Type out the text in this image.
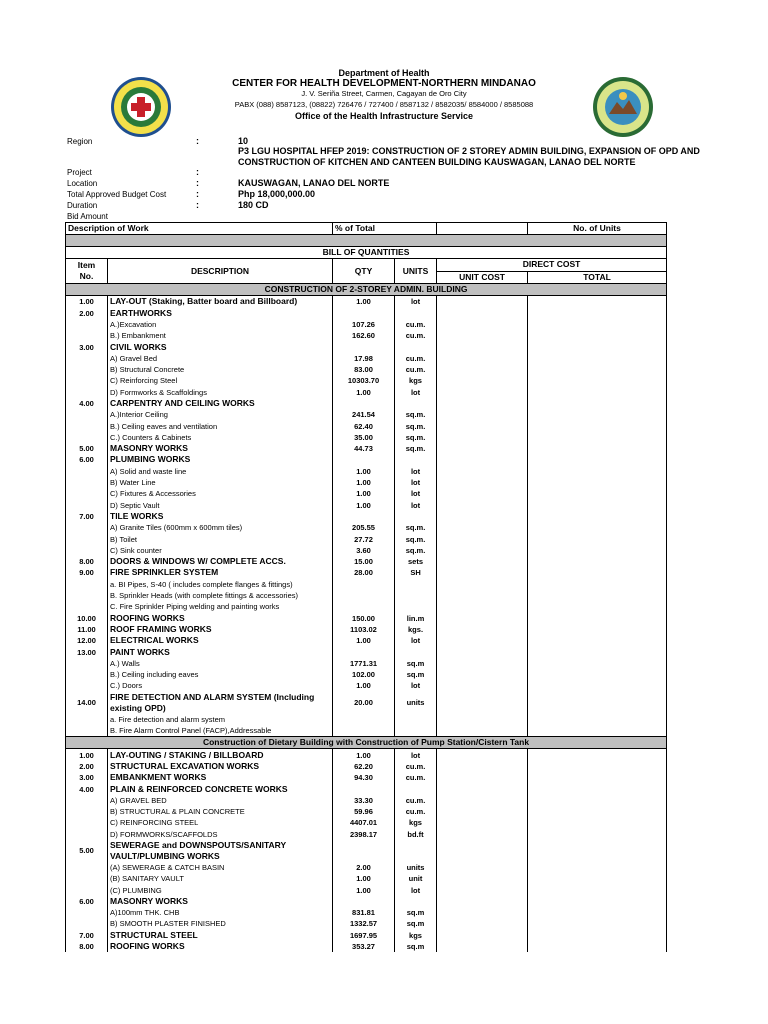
Department of Health
CENTER FOR HEALTH DEVELOPMENT-NORTHERN MINDANAO
J. V. Seriña Street, Carmen, Cagayan de Oro City
PABX (088) 8587123, (08822) 726476 / 727400 / 8587132 / 8582035/ 8584000 / 8585088
Office of the Health Infrastructure Service
Region	:	10
P3 LGU HOSPITAL HFEP 2019: CONSTRUCTION OF 2 STOREY ADMIN BUILDING, EXPANSION OF OPD AND
CONSTRUCTION OF KITCHEN AND CANTEEN BUILDING KAUSWAGAN, LANAO DEL NORTE
Project	:
Location	:	KAUSWAGAN, LANAO DEL NORTE
Total Approved Budget Cost	:	Php 18,000,000.00
Duration	:	180 CD
Bid Amount
Description of Work		% of Total			No. of Units

BILL OF QUANTITIES					
Item	DESCRIPTION	QTY	UNITS	DIRECT COST	
No.				UNIT COST	TOTAL
CONSTRUCTION OF 2-STOREY ADMIN. BUILDING					
1.00	LAY-OUT (Staking, Batter board and Billboard)	1.00	lot		
2.00	EARTHWORKS				
	A.)Excavation	107.26	cu.m.		
	B.) Embankment	162.60	cu.m.		
3.00	CIVIL WORKS				
	A) Gravel Bed	17.98	cu.m.		
	B) Structural Concrete	83.00	cu.m.		
	C) Reinforcing Steel	10303.70	kgs		
	D) Formworks & Scaffoldings	1.00	lot		
4.00	CARPENTRY AND CEILING WORKS				
	A.)Interior Ceiling	241.54	sq.m.		
	B.) Ceiling eaves and ventilation	62.40	sq.m.		
	C.) Counters & Cabinets	35.00	sq.m.		
5.00	MASONRY WORKS	44.73	sq.m.		
6.00	PLUMBING WORKS				
	A) Solid and waste line	1.00	lot		
	B) Water Line	1.00	lot		
	C) Fixtures & Accessories	1.00	lot		
	D) Septic Vault	1.00	lot		
7.00	TILE WORKS				
	A) Granite Tiles (600mm x 600mm tiles)	205.55	sq.m.		
	B) Toilet	27.72	sq.m.		
	C) Sink counter	3.60	sq.m.		
8.00	DOORS & WINDOWS W/ COMPLETE ACCS.	15.00	sets		
9.00	FIRE SPRINKLER SYSTEM	28.00	SH		
	a. BI Pipes, S-40 ( includes complete flanges & fittings)				
	B. Sprinkler Heads (with complete fittings & accessories)				
	C. Fire Sprinkler Piping welding and painting works				
10.00	ROOFING WORKS	150.00	lin.m		
11.00	ROOF FRAMING WORKS	1103.02	kgs.		
12.00	ELECTRICAL WORKS	1.00	lot		
13.00	PAINT WORKS				
	A.) Walls	1771.31	sq.m		
	B.) Ceiling including eaves	102.00	sq.m		
	C.) Doors	1.00	lot		
14.00	FIRE DETECTION AND ALARM SYSTEM (Including
existing OPD)	20.00	units		
	a. Fire detection and alarm system				
	B. Fire Alarm Control Panel (FACP),Addressable				
Construction of Dietary Building with Construction of Pump Station/Cistern Tank					
1.00	LAY-OUTING / STAKING / BILLBOARD	1.00	lot		
2.00	STRUCTURAL EXCAVATION WORKS	62.20	cu.m.		
3.00	EMBANKMENT WORKS	94.30	cu.m.		
4.00	PLAIN & REINFORCED CONCRETE WORKS				
	A) GRAVEL BED	33.30	cu.m.		
	B) STRUCTURAL & PLAIN CONCRETE	59.96	cu.m.		
	C) REINFORCING STEEL	4407.01	kgs		
	D) FORMWORKS/SCAFFOLDS	2398.17	bd.ft		
5.00	SEWERAGE and DOWNSPOUTS/SANITARY
VAULT/PLUMBING WORKS				

	(A) SEWERAGE & CATCH BASIN	2.00	units		
	(B) SANITARY VAULT	1.00	unit		
	(C) PLUMBING	1.00	lot		
6.00	MASONRY WORKS				
	A)100mm THK. CHB	831.81	sq.m		
	B) SMOOTH PLASTER FINISHED	1332.57	sq.m		
7.00	STRUCTURAL STEEL	1697.95	kgs		
8.00	ROOFING WORKS	353.27	sq.m		
